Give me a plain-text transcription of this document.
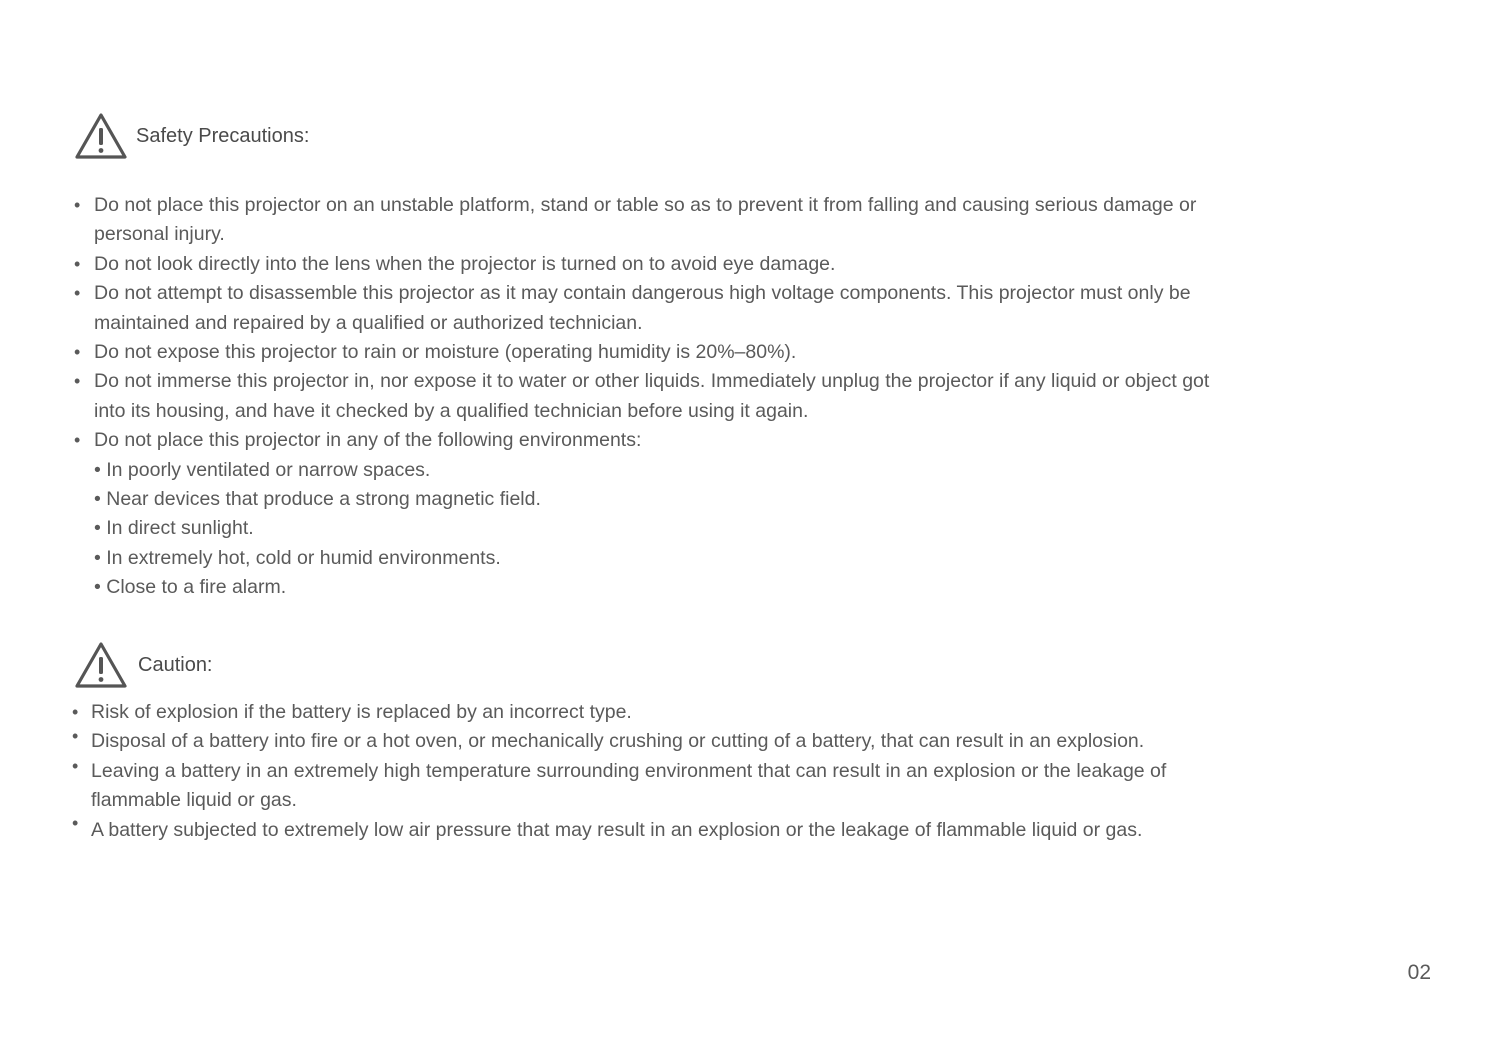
Safety Precautions:
• Do not place this projector on an unstable platform, stand or table so as to prevent it from falling and causing serious damage or
personal injury.
• Do not look directly into the lens when the projector is turned on to avoid eye damage.
• Do not attempt to disassemble this projector as it may contain dangerous high voltage components. This projector must only be
maintained and repaired by a qualified or authorized technician.
• Do not expose this projector to rain or moisture (operating humidity is 20%–80%).
• Do not immerse this projector in, nor expose it to water or other liquids. Immediately unplug the projector if any liquid or object got
into its housing, and have it checked by a qualified technician before using it again.
• Do not place this projector in any of the following environments:
• In poorly ventilated or narrow spaces.
• Near devices that produce a strong magnetic field.
• In direct sunlight.
• In extremely hot, cold or humid environments.
• Close to a fire alarm.
Caution:
• Risk of explosion if the battery is replaced by an incorrect type.
• Disposal of a battery into fire or a hot oven, or mechanically crushing or cutting of a battery, that can result in an explosion.
• Leaving a battery in an extremely high temperature surrounding environment that can result in an explosion or the leakage of
flammable liquid or gas.
• A battery subjected to extremely low air pressure that may result in an explosion or the leakage of flammable liquid or gas.
02
